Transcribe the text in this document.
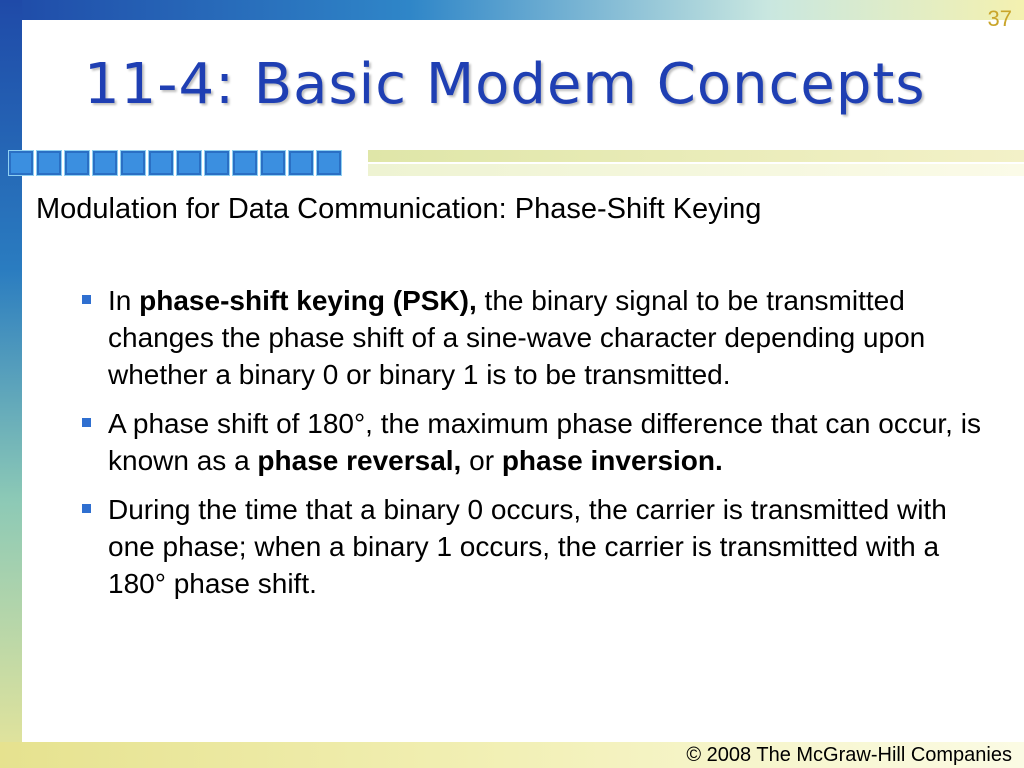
37
11-4: Basic Modem Concepts
Modulation for Data Communication: Phase-Shift Keying
In phase-shift keying (PSK), the binary signal to be transmitted changes the phase shift of a sine-wave character depending upon whether a binary 0 or binary 1 is to be transmitted.
A phase shift of 180°, the maximum phase difference that can occur, is known as a phase reversal, or phase inversion.
During the time that a binary 0 occurs, the carrier is transmitted with one phase; when a binary 1 occurs, the carrier is transmitted with a 180° phase shift.
© 2008 The McGraw-Hill Companies
